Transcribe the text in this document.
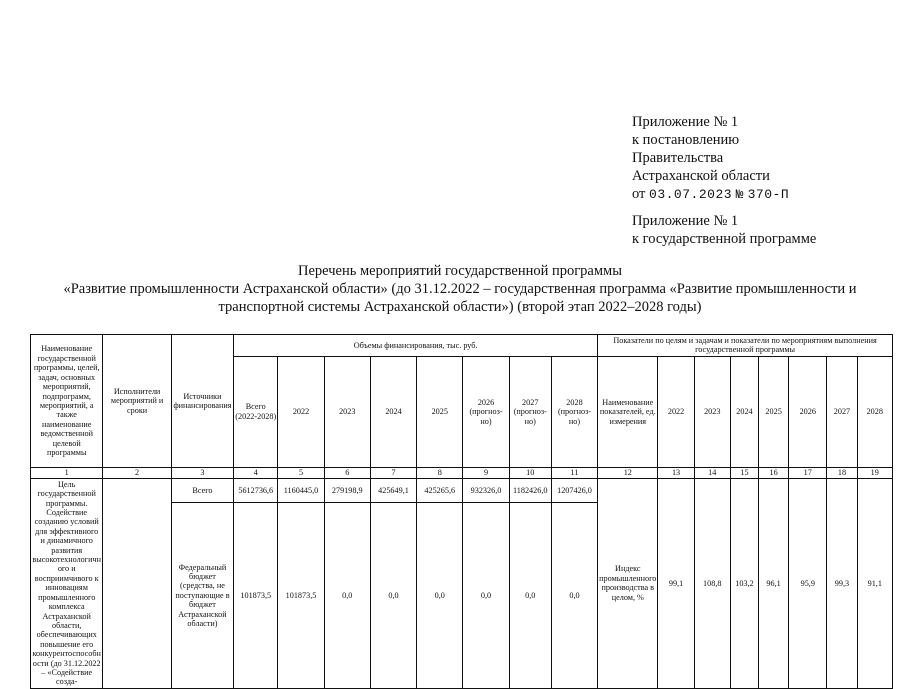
Приложение № 1
к постановлению
Правительства
Астраханской области
от 03.07.2023 № 370-П
Приложение № 1
к государственной программе
Перечень мероприятий государственной программы
«Развитие промышленности Астраханской области» (до 31.12.2022 – государственная программа «Развитие промышленности и
транспортной системы Астраханской области») (второй этап 2022–2028 годы)
Наименование государственной программы, целей, задач, основных мероприятий, подпрограмм, мероприятий, а также наименование ведомственной целевой программы	Исполнители мероприятий и сроки	Источники финансирования	Объемы финансирования, тыс. руб.								Показатели по целям и задачам и показатели по мероприятиям выполнения государственной программы							
			Всего (2022-2028)	2022	2023	2024	2025	2026 (прогноз-но)	2027 (прогноз-но)	2028 (прогноз-но)	Наименование показателей, ед. измерения	2022	2023	2024	2025	2026	2027	2028
1	2	3	4	5	6	7	8	9	10	11	12	13	14	15	16	17	18	19
Цель государственной программы. Содействие созданию условий для эффективного и динамичного развития высокотехнологичного и восприимчивого к инновациям промышленного комплекса Астраханской области, обеспечивающих повышение его конкурентоспособности (до 31.12.2022 – «Содействие созда-		Всего	5612736,6	1160445,0	279198,9	425649,1	425265,6	932326,0	1182426,0	1207426,0	Индекс промышленного производства в целом, %	99,1	108,8	103,2	96,1	95,9	99,3	91,1
		Федеральный бюджет (средства, не поступающие в бюджет Астраханской области)	101873,5	101873,5	0,0	0,0	0,0	0,0	0,0	0,0								
